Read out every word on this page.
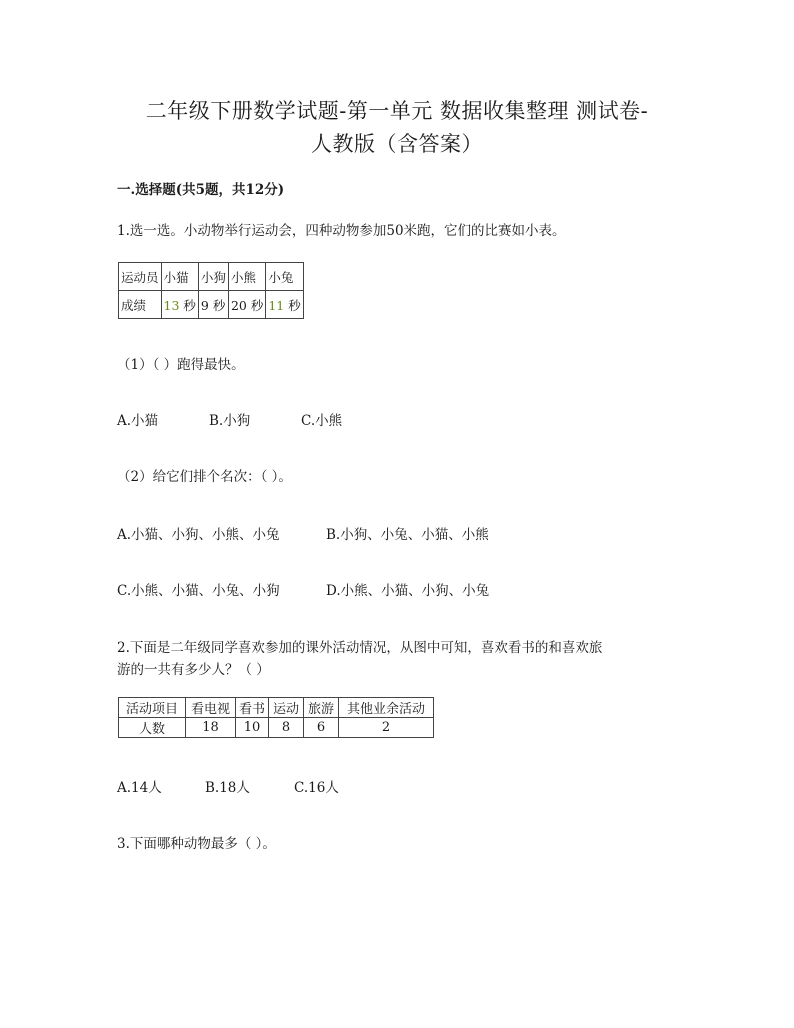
二年级下册数学试题-第一单元 数据收集整理 测试卷-
人教版（含答案）
一.选择题(共5题，共12分)
1.选一选。小动物举行运动会，四种动物参加50米跑，它们的比赛如小表。
运动员	小猫	小狗	小熊	小兔
成绩	13 秒	9 秒	20 秒	11 秒
（1）（ ）跑得最快。
A.小猫	B.小狗	C.小熊
（2）给它们排个名次：（ ）。
A.小猫、小狗、小熊、小兔	B.小狗、小兔、小猫、小熊
C.小熊、小猫、小兔、小狗	D.小熊、小猫、小狗、小兔
2.下面是二年级同学喜欢参加的课外活动情况，从图中可知，喜欢看书的和喜欢旅
游的一共有多少人？（ ）
活动项目	看电视	看书	运动	旅游	其他业余活动
人数	18	10	8	6	2
A.14人	B.18人	C.16人
3.下面哪种动物最多（ ）。
